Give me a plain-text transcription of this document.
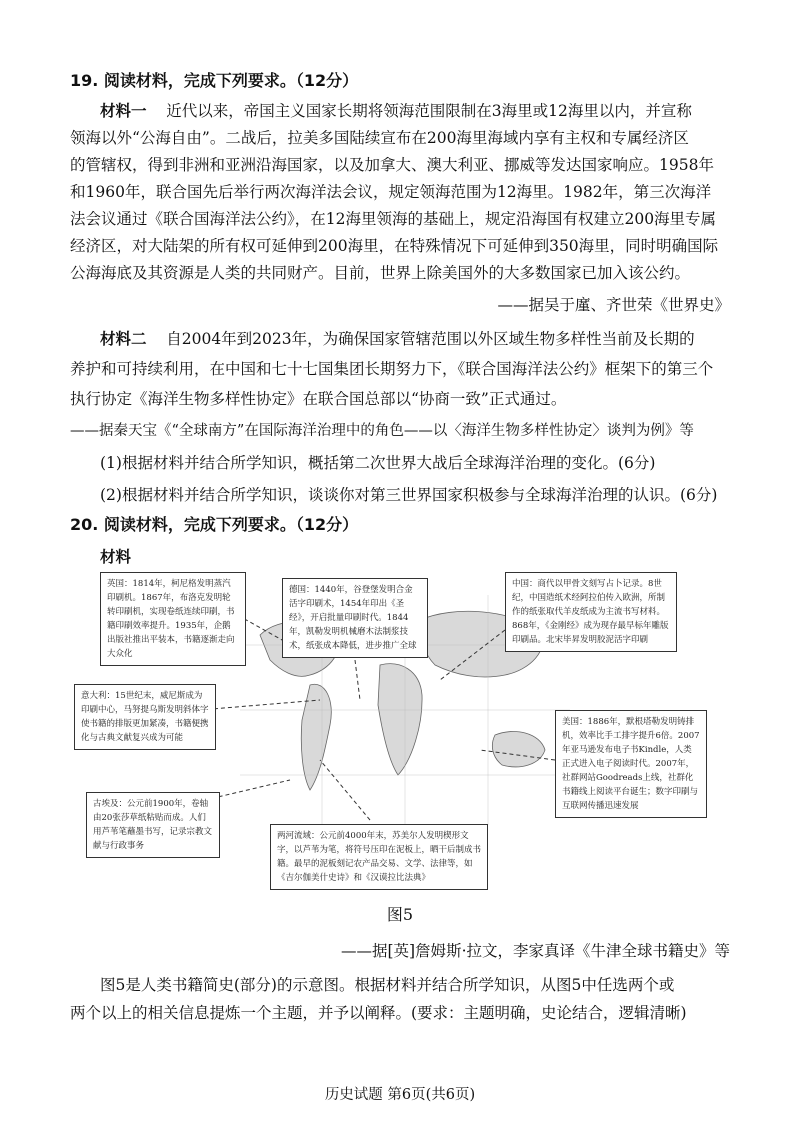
19. 阅读材料，完成下列要求。（12分）
材料一 近代以来，帝国主义国家长期将领海范围限制在3海里或12海里以内，并宣称
领海以外“公海自由”。二战后，拉美多国陆续宣布在200海里海域内享有主权和专属经济区
的管辖权，得到非洲和亚洲沿海国家，以及加拿大、澳大利亚、挪威等发达国家响应。1958年
和1960年，联合国先后举行两次海洋法会议，规定领海范围为12海里。1982年，第三次海洋
法会议通过《联合国海洋法公约》，在12海里领海的基础上，规定沿海国有权建立200海里专属
经济区，对大陆架的所有权可延伸到200海里，在特殊情况下可延伸到350海里，同时明确国际
公海海底及其资源是人类的共同财产。目前，世界上除美国外的大多数国家已加入该公约。
——据吴于廑、齐世荣《世界史》
材料二 自2004年到2023年，为确保国家管辖范围以外区域生物多样性当前及长期的
养护和可持续利用，在中国和七十七国集团长期努力下，《联合国海洋法公约》框架下的第三个
执行协定《海洋生物多样性协定》在联合国总部以“协商一致”正式通过。
——据秦天宝《“全球南方”在国际海洋治理中的角色——以〈海洋生物多样性协定〉谈判为例》等
(1)根据材料并结合所学知识，概括第二次世界大战后全球海洋治理的变化。(6分)
(2)根据材料并结合所学知识，谈谈你对第三世界国家积极参与全球海洋治理的认识。(6分)
20. 阅读材料，完成下列要求。（12分）
材料
英国：1814年，柯尼格发明蒸汽印刷机。1867年，布洛克发明轮转印刷机，实现卷纸连续印刷，书籍印刷效率提升。1935年，企鹅出版社推出平装本，书籍逐渐走向大众化
德国：1440年，谷登堡发明合金活字印刷术，1454年印出《圣经》，开启批量印刷时代。1844年，凯勒发明机械磨木法制浆技术，纸张成本降低，进步推广全球
中国：商代以甲骨文刻写占卜记录。8世纪，中国造纸术经阿拉伯传入欧洲，所制作的纸张取代羊皮纸成为主流书写材料。868年，《金刚经》成为现存最早标年雕版印刷品。北宋毕昇发明胶泥活字印刷
意大利：15世纪末，威尼斯成为印刷中心，马努提乌斯发明斜体字使书籍的排版更加紧凑，书籍便携化与古典文献复兴成为可能
美国：1886年，默根塔勒发明铸排机，效率比手工排字提升6倍。2007年亚马逊发布电子书Kindle，人类正式进入电子阅读时代。2007年，社群网站Goodreads上线，社群化书籍线上阅读平台诞生；数字印刷与互联网传播迅速发展
古埃及：公元前1900年，卷轴由20张莎草纸粘贴而成。人们用芦苇笔蘸墨书写，记录宗教文献与行政事务
两河流域：公元前4000年末，苏美尔人发明楔形文字，以芦苇为笔，将符号压印在泥板上，晒干后制成书籍。最早的泥板刻记农产品交易、文学、法律等，如《吉尔伽美什史诗》和《汉谟拉比法典》
图5
——据[英]詹姆斯·拉文，李家真译《牛津全球书籍史》等
图5是人类书籍简史(部分)的示意图。根据材料并结合所学知识，从图5中任选两个或
两个以上的相关信息提炼一个主题，并予以阐释。(要求：主题明确，史论结合，逻辑清晰)
历史试题 第6页(共6页)
